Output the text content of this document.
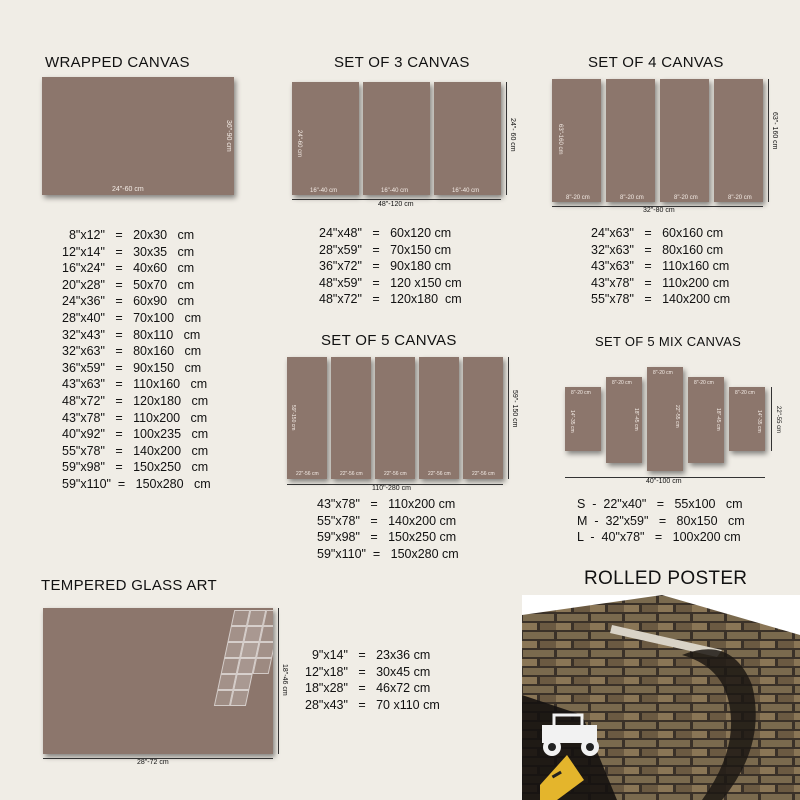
WRAPPED CANVAS
24"-60 cm
36"-90 cm
8"x12"   =   20x30   cm
12"x14"   =   30x35   cm
16"x24"   =   40x60   cm
20"x28"   =   50x70   cm
24"x36"   =   60x90   cm
28"x40"   =   70x100   cm
32"x43"   =   80x110   cm
32"x63"   =   80x160   cm
36"x59"   =   90x150   cm
43"x63"   =   110x160   cm
48"x72"   =   120x180   cm
43"x78"   =   110x200   cm
40"x92"   =   100x235   cm
55"x78"   =   140x200   cm
59"x98"   =   150x250   cm
59"x110"  =   150x280   cm
SET OF 3 CANVAS
16"-40 cm	16"-40 cm	16"-40 cm
24"-60 cm
48"-120 cm
24"- 60 cm
24"x48"   =   60x120 cm
28"x59"   =   70x150 cm
36"x72"   =   90x180 cm
48"x59"   =   120 x150 cm
48"x72"   =   120x180  cm
SET OF 4 CANVAS
8"-20 cm	8"-20 cm	8"-20 cm	8"-20 cm
63"-160 cm
32"-80 cm
63"- 160 cm
24"x63"   =   60x160 cm
32"x63"   =   80x160 cm
43"x63"   =   110x160 cm
43"x78"   =   110x200 cm
55"x78"   =   140x200 cm
SET OF 5 CANVAS
22"-56 cm	22"-56 cm	22"-56 cm	22"-56 cm	22"-56 cm
59"-150 cm
110"-280 cm
59"- 150 cm
43"x78"   =   110x200 cm
55"x78"   =   140x200 cm
59"x98"   =   150x250 cm
59"x110"  =   150x280 cm
SET OF 5 MIX CANVAS
8"-20 cm
8"-20 cm
8"-20 cm
8"-20 cm
8"-20 cm
14"-35 cm	18"-45 cm	22"-55 cm	18"-45 cm	14"-35 cm
40"-100 cm
22"-55 cm
S  -  22"x40"   =   55x100   cm
M  -  32"x59"   =   80x150   cm
L  -  40"x78"   =   100x200 cm
TEMPERED GLASS ART
28"-72 cm
18"-46 cm
9"x14"   =   23x36 cm
12"x18"   =   30x45 cm
18"x28"   =   46x72 cm
28"x43"   =   70 x110 cm
ROLLED POSTER
